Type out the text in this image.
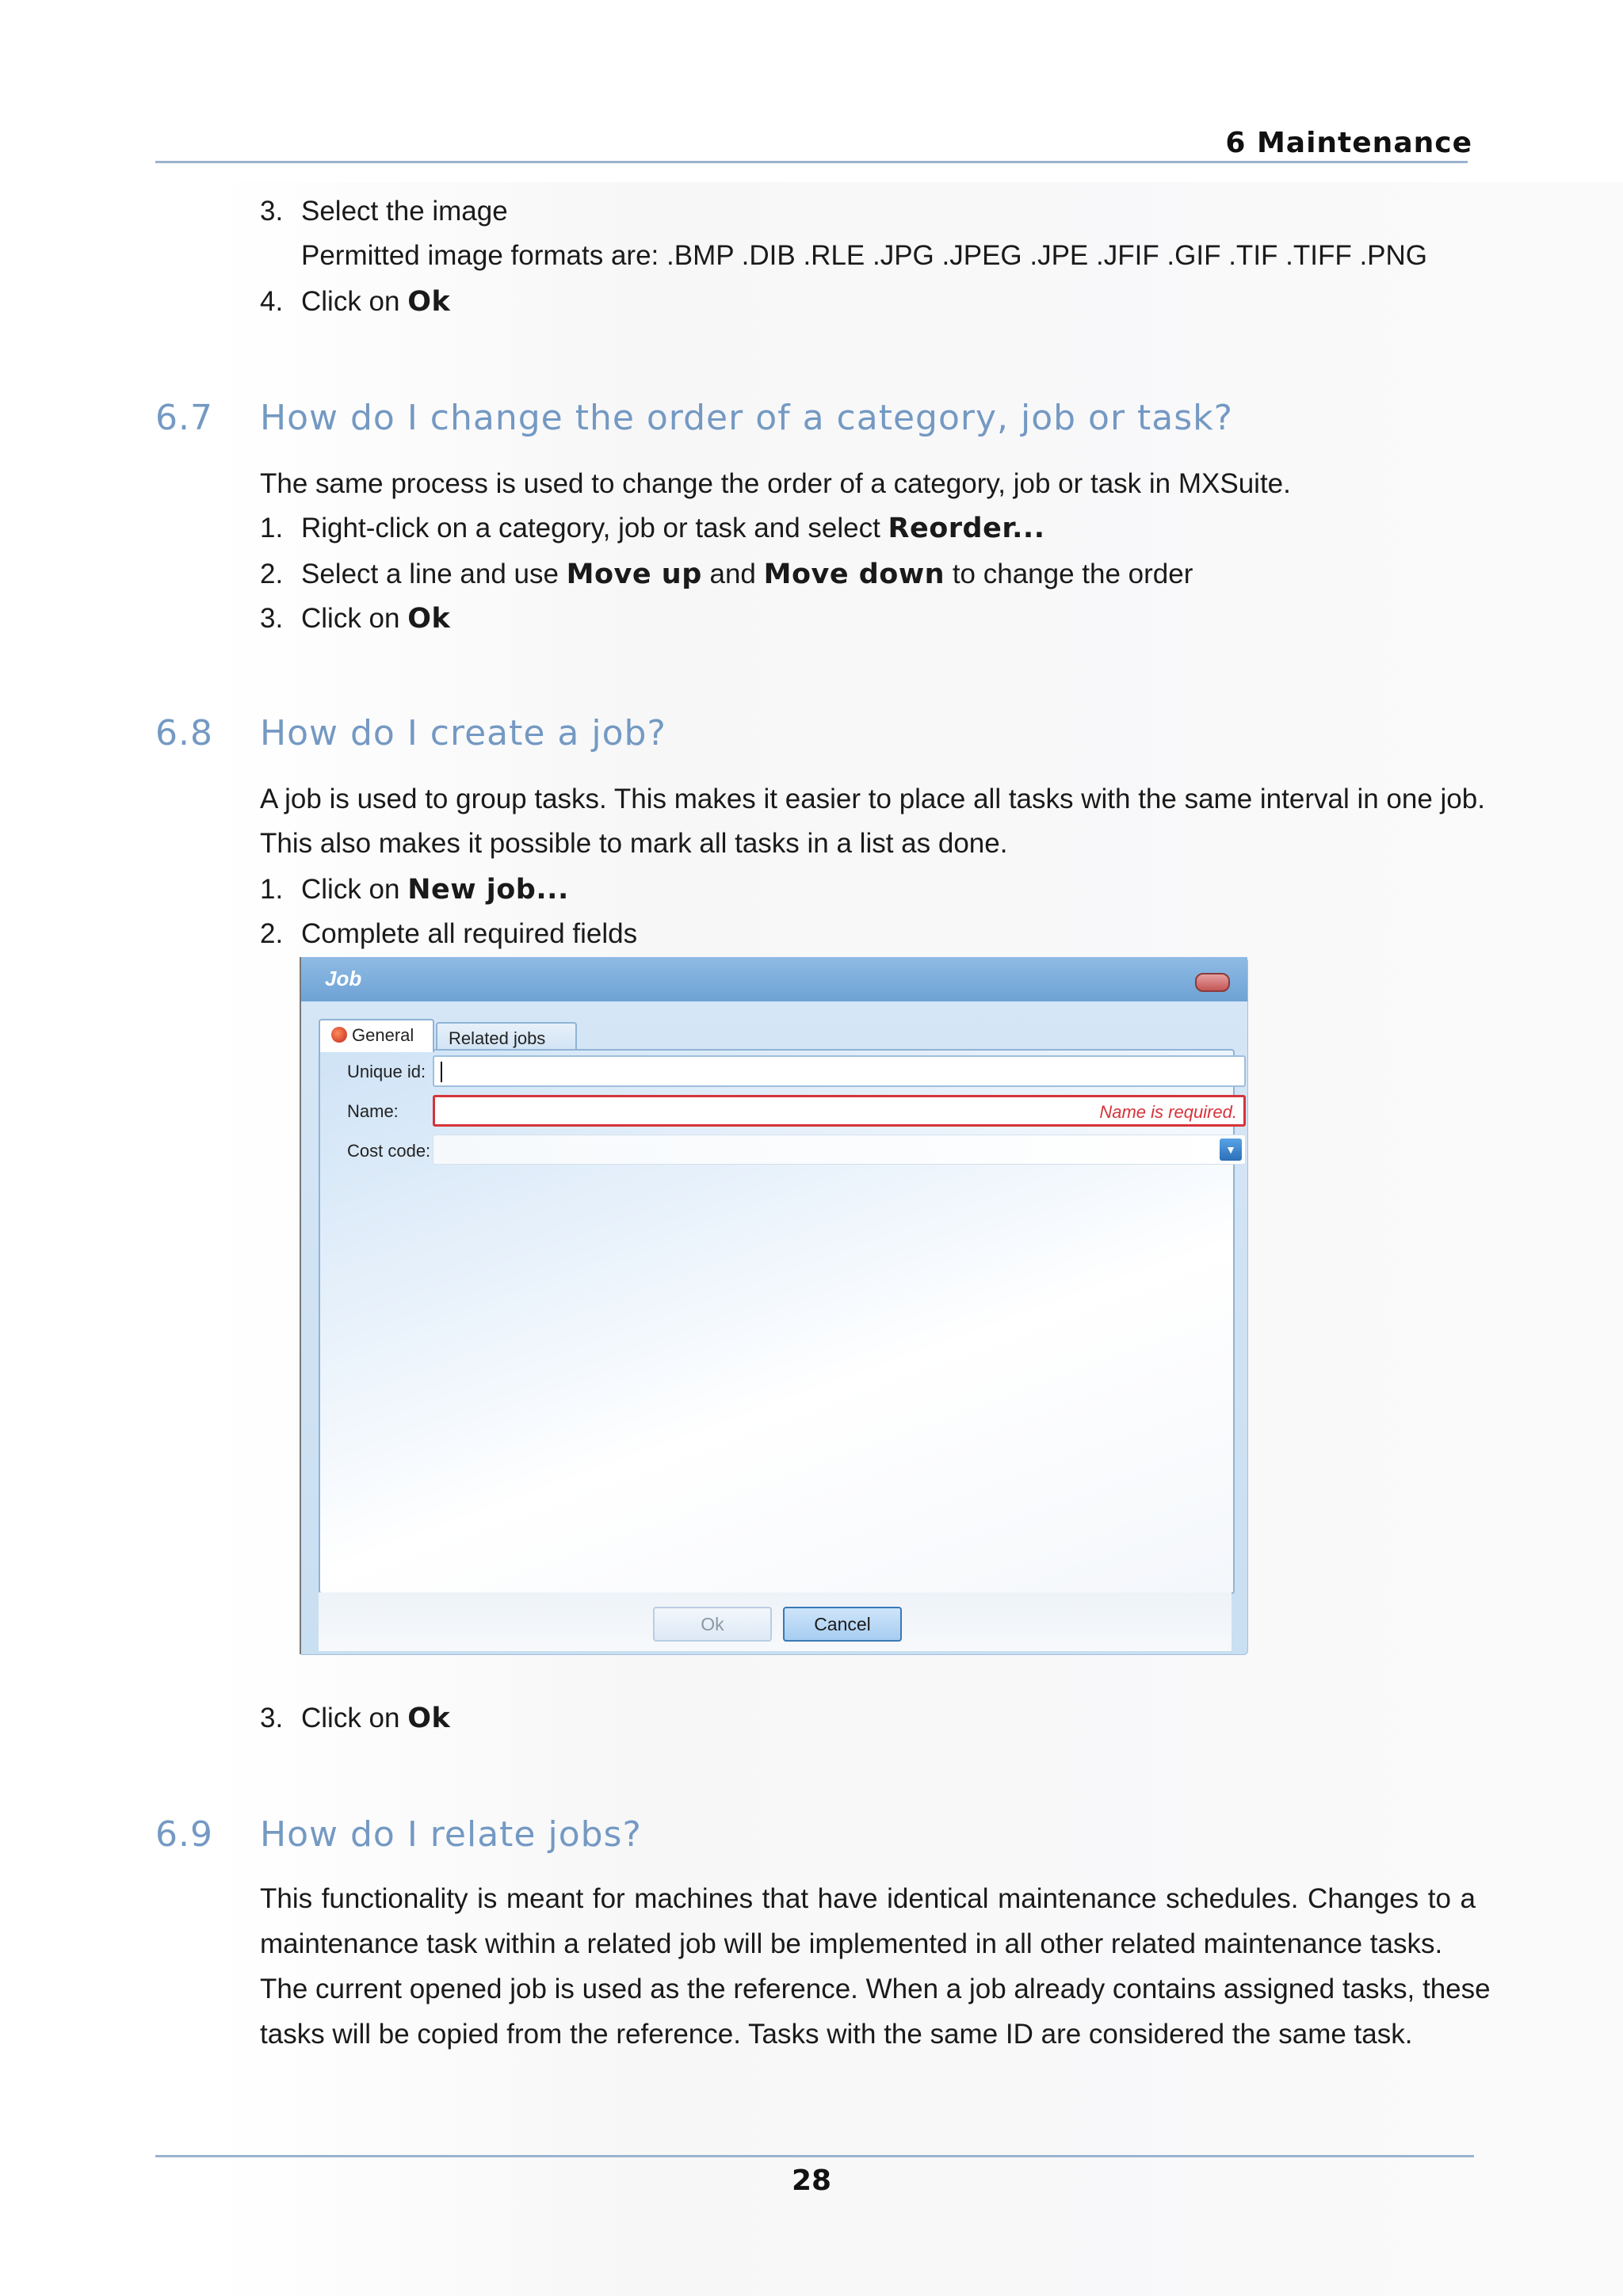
6 Maintenance
3. Select the image
Permitted image formats are: .BMP .DIB .RLE .JPG .JPEG .JPE .JFIF .GIF .TIF .TIFF .PNG
4. Click on Ok
6.7 How do I change the order of a category, job or task?
The same process is used to change the order of a category, job or task in MXSuite.
1. Right-click on a category, job or task and select Reorder...
2. Select a line and use Move up and Move down to change the order
3. Click on Ok
6.8 How do I create a job?
A job is used to group tasks. This makes it easier to place all tasks with the same interval in one job.
This also makes it possible to mark all tasks in a list as done.
1. Click on New job...
2. Complete all required fields
Job
Related jobs
Unique id:
Name:	Name is required.
Cost code:	▼
General
Ok	Cancel
3. Click on Ok
6.9 How do I relate jobs?
This functionality is meant for machines that have identical maintenance schedules. Changes to a
maintenance task within a related job will be implemented in all other related maintenance tasks.
The current opened job is used as the reference. When a job already contains assigned tasks, these
tasks will be copied from the reference. Tasks with the same ID are considered the same task.
28
